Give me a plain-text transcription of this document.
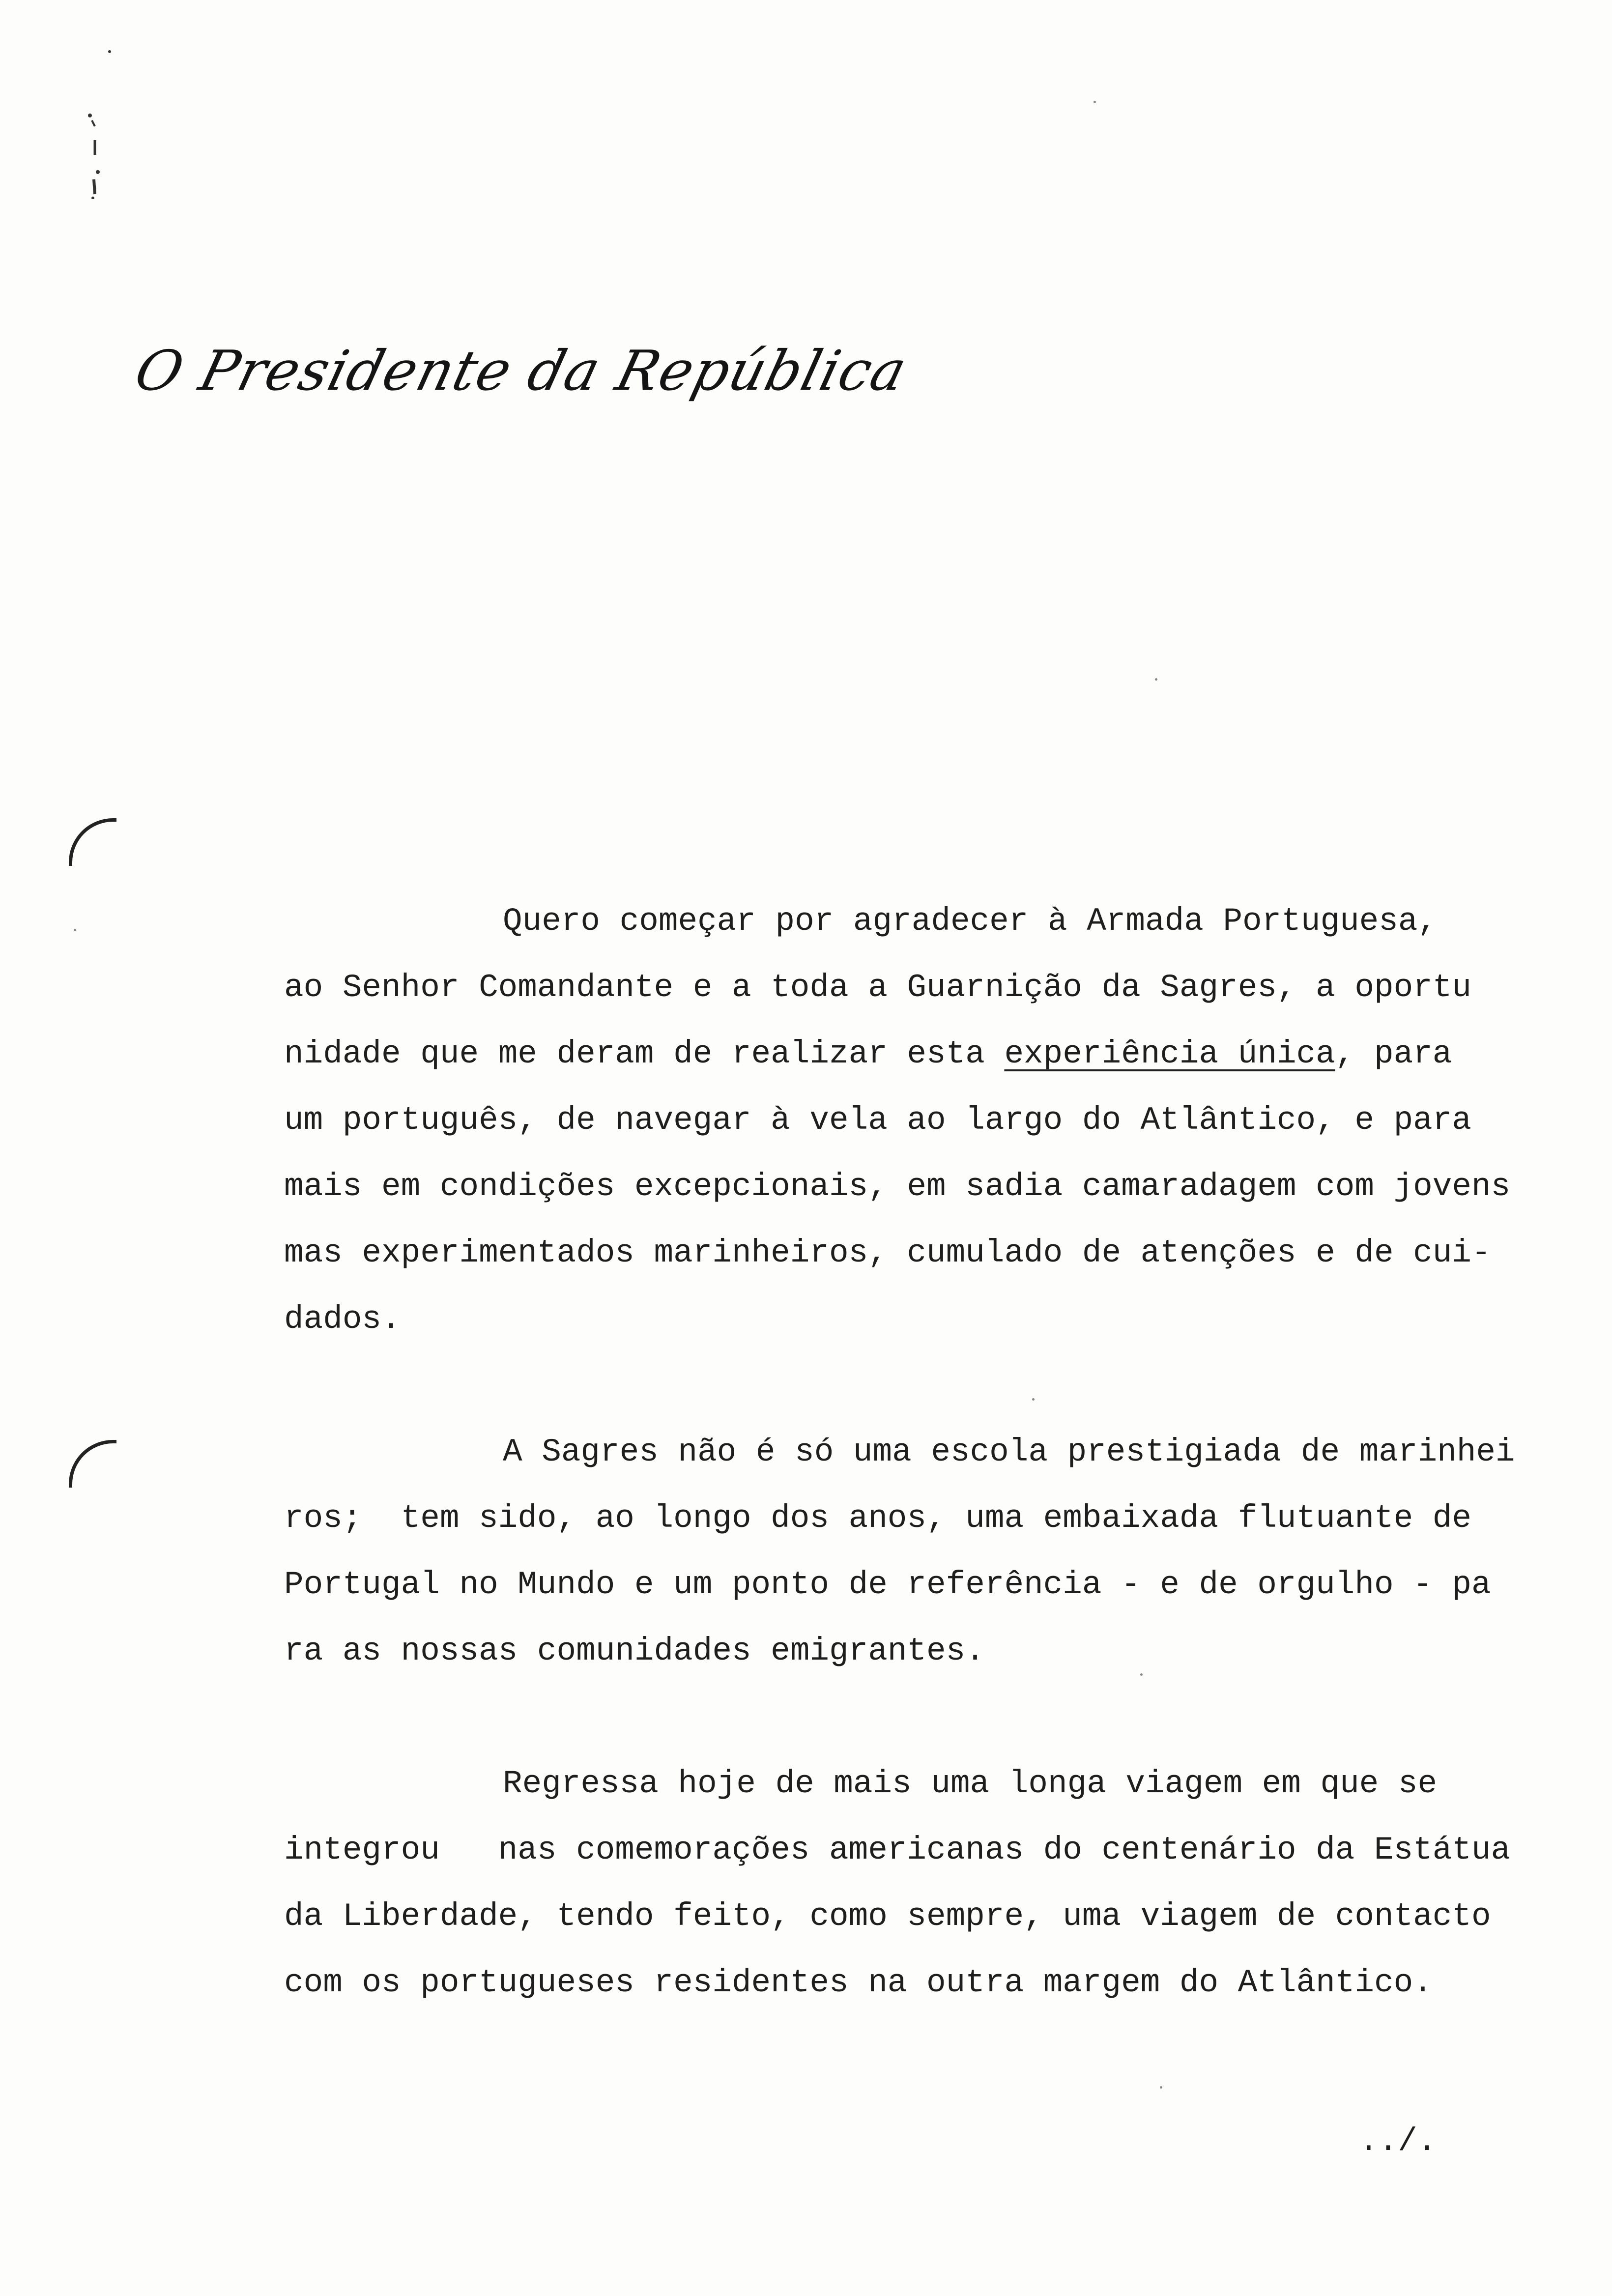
O Presidente da República
Quero começar por agradecer à Armada Portuguesa,
ao Senhor Comandante e a toda a Guarnição da Sagres, a oportu
nidade que me deram de realizar esta experiência única, para
um português, de navegar à vela ao largo do Atlântico, e para
mais em condições excepcionais, em sadia camaradagem com jovens
mas experimentados marinheiros, cumulado de atenções e de cui-
dados.
A Sagres não é só uma escola prestigiada de marinhei
ros;  tem sido, ao longo dos anos, uma embaixada flutuante de
Portugal no Mundo e um ponto de referência - e de orgulho - pa
ra as nossas comunidades emigrantes.
Regressa hoje de mais uma longa viagem em que se
integrou   nas comemorações americanas do centenário da Estátua
da Liberdade, tendo feito, como sempre, uma viagem de contacto
com os portugueses residentes na outra margem do Atlântico.
../.
